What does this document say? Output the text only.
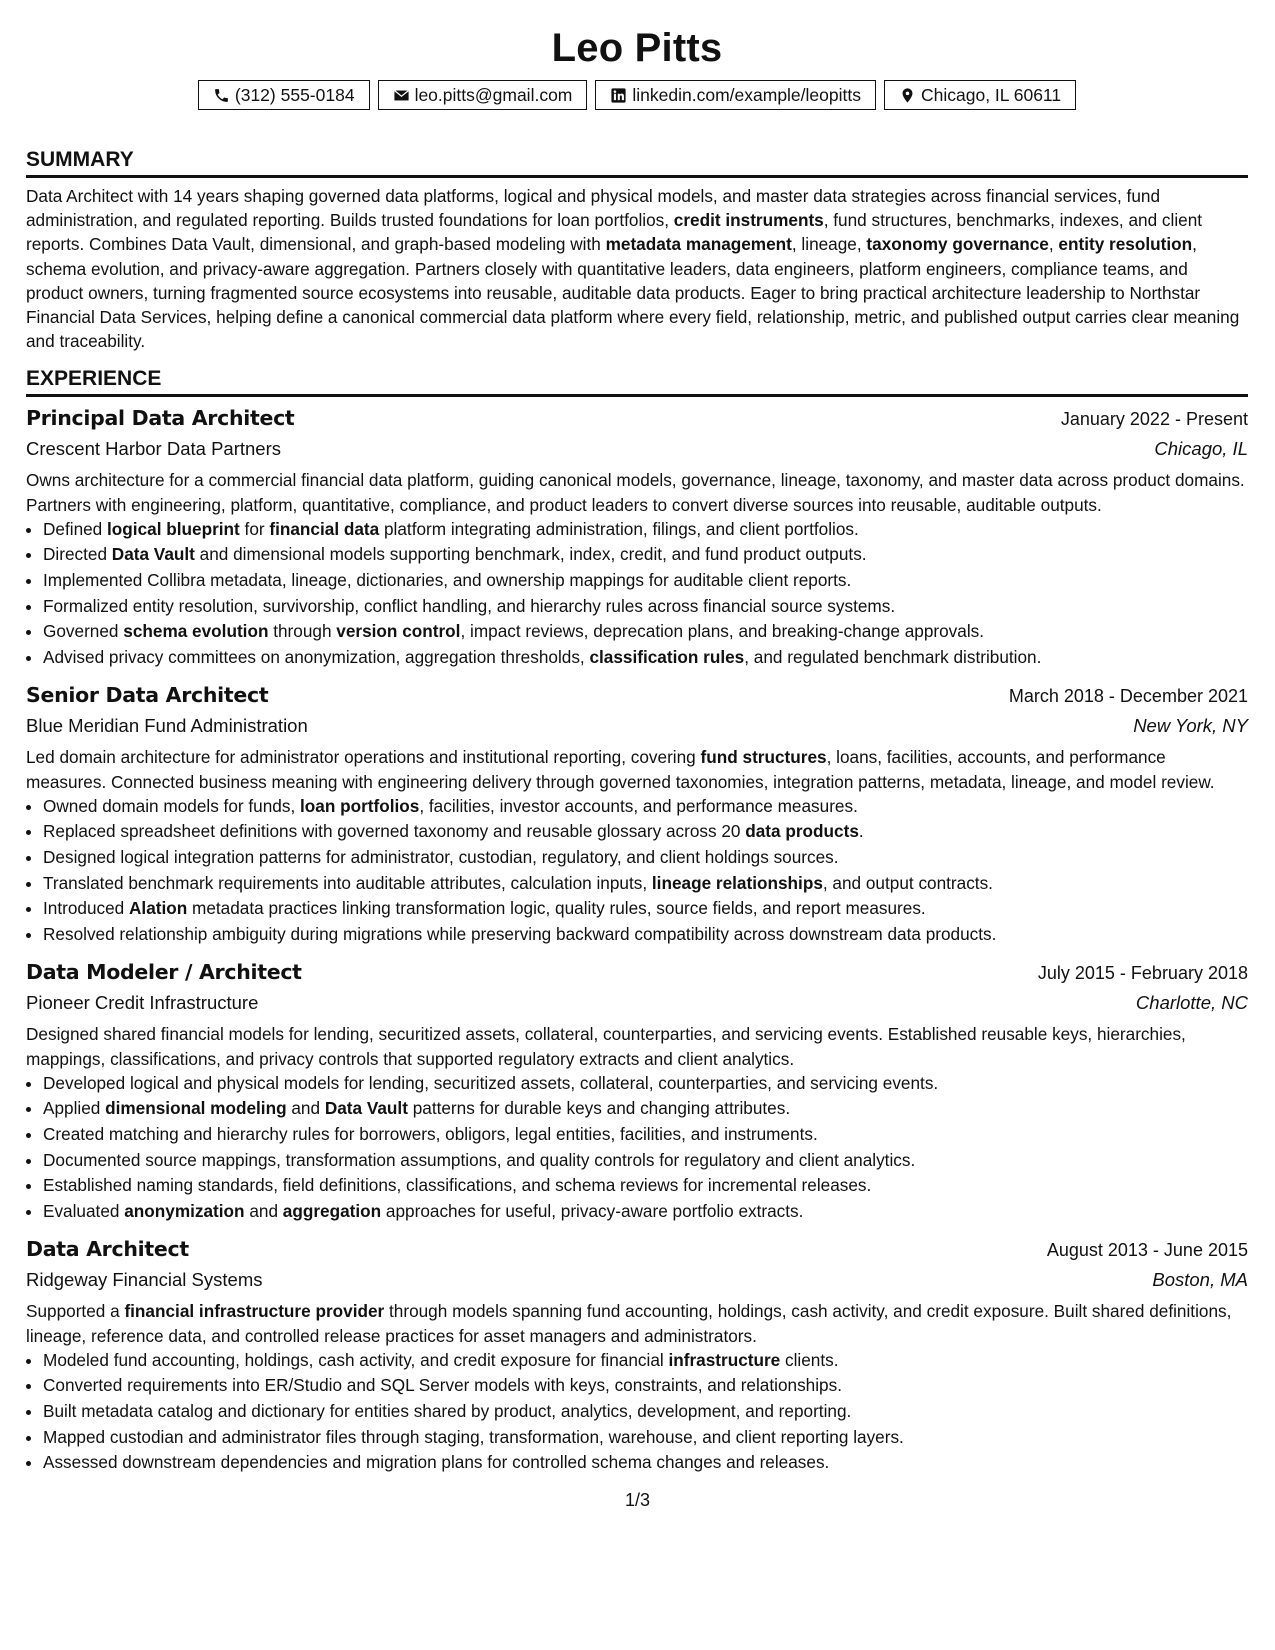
Leo Pitts
(312) 555-0184	leo.pitts@gmail.com	linkedin.com/example/leopitts	Chicago, IL 60611
SUMMARY

Data Architect with 14 years shaping governed data platforms, logical and physical models, and master data strategies across financial services, fund administration, and regulated reporting. Builds trusted foundations for loan portfolios, credit instruments, fund structures, benchmarks, indexes, and client reports. Combines Data Vault, dimensional, and graph-based modeling with metadata management, lineage, taxonomy governance, entity resolution, schema evolution, and privacy-aware aggregation. Partners closely with quantitative leaders, data engineers, platform engineers, compliance teams, and product owners, turning fragmented source ecosystems into reusable, auditable data products. Eager to bring practical architecture leadership to Northstar Financial Data Services, helping define a canonical commercial data platform where every field, relationship, metric, and published output carries clear meaning and traceability.

EXPERIENCE
Principal Data Architect	January 2022 - Present
Crescent Harbor Data Partners	Chicago, IL

Owns architecture for a commercial financial data platform, guiding canonical models, governance, lineage, taxonomy, and master data across product domains. Partners with engineering, platform, quantitative, compliance, and product leaders to convert diverse sources into reusable, auditable outputs.

• Defined logical blueprint for financial data platform integrating administration, filings, and client portfolios.
• Directed Data Vault and dimensional models supporting benchmark, index, credit, and fund product outputs.
• Implemented Collibra metadata, lineage, dictionaries, and ownership mappings for auditable client reports.
• Formalized entity resolution, survivorship, conflict handling, and hierarchy rules across financial source systems.
• Governed schema evolution through version control, impact reviews, deprecation plans, and breaking-change approvals.
• Advised privacy committees on anonymization, aggregation thresholds, classification rules, and regulated benchmark distribution.
Senior Data Architect	March 2018 - December 2021
Blue Meridian Fund Administration	New York, NY

Led domain architecture for administrator operations and institutional reporting, covering fund structures, loans, facilities, accounts, and performance measures. Connected business meaning with engineering delivery through governed taxonomies, integration patterns, metadata, lineage, and model review.

• Owned domain models for funds, loan portfolios, facilities, investor accounts, and performance measures.
• Replaced spreadsheet definitions with governed taxonomy and reusable glossary across 20 data products.
• Designed logical integration patterns for administrator, custodian, regulatory, and client holdings sources.
• Translated benchmark requirements into auditable attributes, calculation inputs, lineage relationships, and output contracts.
• Introduced Alation metadata practices linking transformation logic, quality rules, source fields, and report measures.
• Resolved relationship ambiguity during migrations while preserving backward compatibility across downstream data products.
Data Modeler / Architect	July 2015 - February 2018
Pioneer Credit Infrastructure	Charlotte, NC

Designed shared financial models for lending, securitized assets, collateral, counterparties, and servicing events. Established reusable keys, hierarchies, mappings, classifications, and privacy controls that supported regulatory extracts and client analytics.

• Developed logical and physical models for lending, securitized assets, collateral, counterparties, and servicing events.
• Applied dimensional modeling and Data Vault patterns for durable keys and changing attributes.
• Created matching and hierarchy rules for borrowers, obligors, legal entities, facilities, and instruments.
• Documented source mappings, transformation assumptions, and quality controls for regulatory and client analytics.
• Established naming standards, field definitions, classifications, and schema reviews for incremental releases.
• Evaluated anonymization and aggregation approaches for useful, privacy-aware portfolio extracts.
Data Architect	August 2013 - June 2015
Ridgeway Financial Systems	Boston, MA

Supported a financial infrastructure provider through models spanning fund accounting, holdings, cash activity, and credit exposure. Built shared definitions, lineage, reference data, and controlled release practices for asset managers and administrators.

• Modeled fund accounting, holdings, cash activity, and credit exposure for financial infrastructure clients.
• Converted requirements into ER/Studio and SQL Server models with keys, constraints, and relationships.
• Built metadata catalog and dictionary for entities shared by product, analytics, development, and reporting.
• Mapped custodian and administrator files through staging, transformation, warehouse, and client reporting layers.
• Assessed downstream dependencies and migration plans for controlled schema changes and releases.
1/3
